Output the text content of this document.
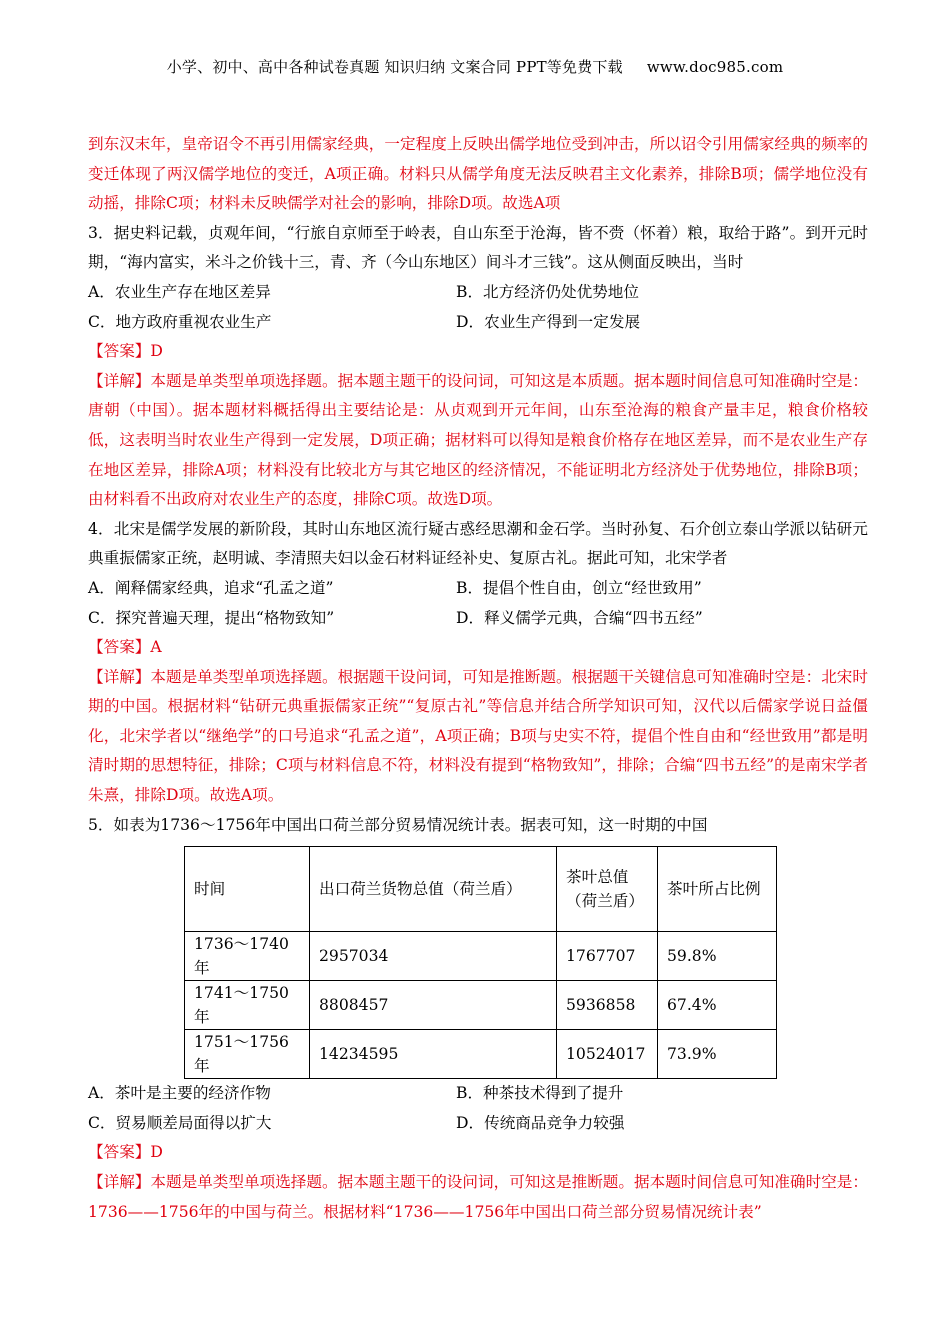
小学、初中、高中各种试卷真题 知识归纳 文案合同 PPT等免费下载 www.doc985.com

到东汉末年，皇帝诏令不再引用儒家经典，一定程度上反映出儒学地位受到冲击，所以诏令引用儒家经典的频率的变迁体现了两汉儒学地位的变迁，A项正确。材料只从儒学角度无法反映君主文化素养，排除B项；儒学地位没有动摇，排除C项；材料未反映儒学对社会的影响，排除D项。故选A项

3．据史料记载，贞观年间，“行旅自京师至于岭表，自山东至于沧海，皆不赍（怀着）粮，取给于路”。到开元时期，“海内富实，米斗之价钱十三，青、齐（今山东地区）间斗才三钱”。这从侧面反映出，当时

A．农业生产存在地区差异	B．北方经济仍处优势地位
C．地方政府重视农业生产	D．农业生产得到一定发展

【答案】D

【详解】本题是单类型单项选择题。据本题主题干的设问词，可知这是本质题。据本题时间信息可知准确时空是：唐朝（中国）。据本题材料概括得出主要结论是：从贞观到开元年间，山东至沧海的粮食产量丰足，粮食价格较低，这表明当时农业生产得到一定发展，D项正确；据材料可以得知是粮食价格存在地区差异，而不是农业生产存在地区差异，排除A项；材料没有比较北方与其它地区的经济情况，不能证明北方经济处于优势地位，排除B项；由材料看不出政府对农业生产的态度，排除C项。故选D项。

4．北宋是儒学发展的新阶段，其时山东地区流行疑古惑经思潮和金石学。当时孙复、石介创立泰山学派以钻研元典重振儒家正统，赵明诚、李清照夫妇以金石材料证经补史、复原古礼。据此可知，北宋学者

A．阐释儒家经典，追求“孔孟之道”	B．提倡个性自由，创立“经世致用”
C．探究普遍天理，提出“格物致知”	D．释义儒学元典，合编“四书五经”

【答案】A

【详解】本题是单类型单项选择题。根据题干设问词，可知是推断题。根据题干关键信息可知准确时空是：北宋时期的中国。根据材料“钻研元典重振儒家正统”“复原古礼”等信息并结合所学知识可知，汉代以后儒家学说日益僵化，北宋学者以“继绝学”的口号追求“孔孟之道”，A项正确；B项与史实不符，提倡个性自由和“经世致用”都是明清时期的思想特征，排除；C项与材料信息不符，材料没有提到“格物致知”，排除；合编“四书五经”的是南宋学者朱熹，排除D项。故选A项。

5．如表为1736～1756年中国出口荷兰部分贸易情况统计表。据表可知，这一时期的中国

时间	出口荷兰货物总值（荷兰盾）	茶叶总值（荷兰盾）	茶叶所占比例
1736～1740年	2957034	1767707	59.8%
1741～1750年	8808457	5936858	67.4%
1751～1756年	14234595	10524017	73.9%
A．茶叶是主要的经济作物	B．种茶技术得到了提升
C．贸易顺差局面得以扩大	D．传统商品竞争力较强

【答案】D

【详解】本题是单类型单项选择题。据本题主题干的设问词，可知这是推断题。据本题时间信息可知准确时空是：1736——1756年的中国与荷兰。根据材料“1736——1756年中国出口荷兰部分贸易情况统计表”
